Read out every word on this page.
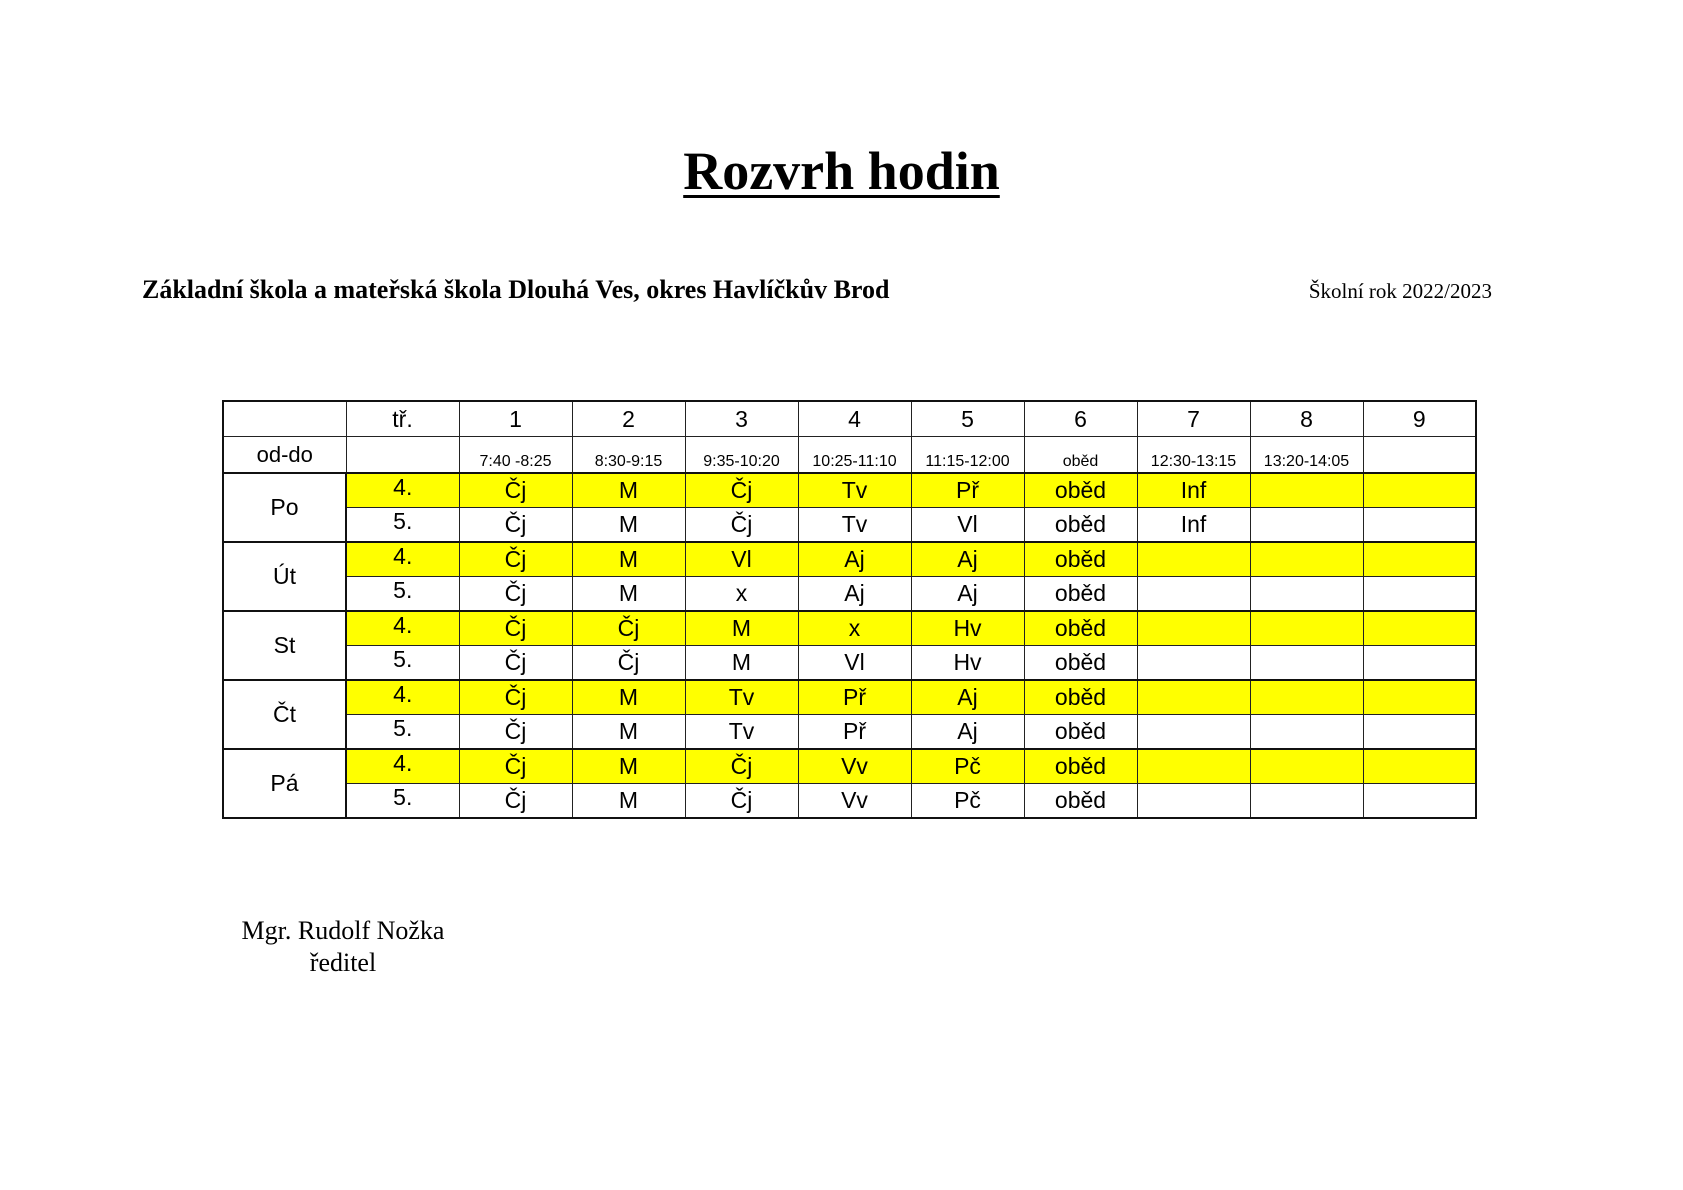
Rozvrh hodin
Základní škola a mateřská škola Dlouhá Ves, okres Havlíčkův Brod	Školní rok 2022/2023
	tř.	1	2	3	4	5	6	7	8	9
od-do		7:40 -8:25	8:30-9:15	9:35-10:20	10:25-11:10	11:15-12:00	oběd	12:30-13:15	13:20-14:05	
Po	4.	Čj	M	Čj	Tv	Př	oběd	Inf		
	5.	Čj	M	Čj	Tv	Vl	oběd	Inf		
Út	4.	Čj	M	Vl	Aj	Aj	oběd			
	5.	Čj	M	x	Aj	Aj	oběd			
St	4.	Čj	Čj	M	x	Hv	oběd			
	5.	Čj	Čj	M	Vl	Hv	oběd			
Čt	4.	Čj	M	Tv	Př	Aj	oběd			
	5.	Čj	M	Tv	Př	Aj	oběd			
Pá	4.	Čj	M	Čj	Vv	Pč	oběd			
	5.	Čj	M	Čj	Vv	Pč	oběd			
Mgr. Rudolf Nožka
ředitel
